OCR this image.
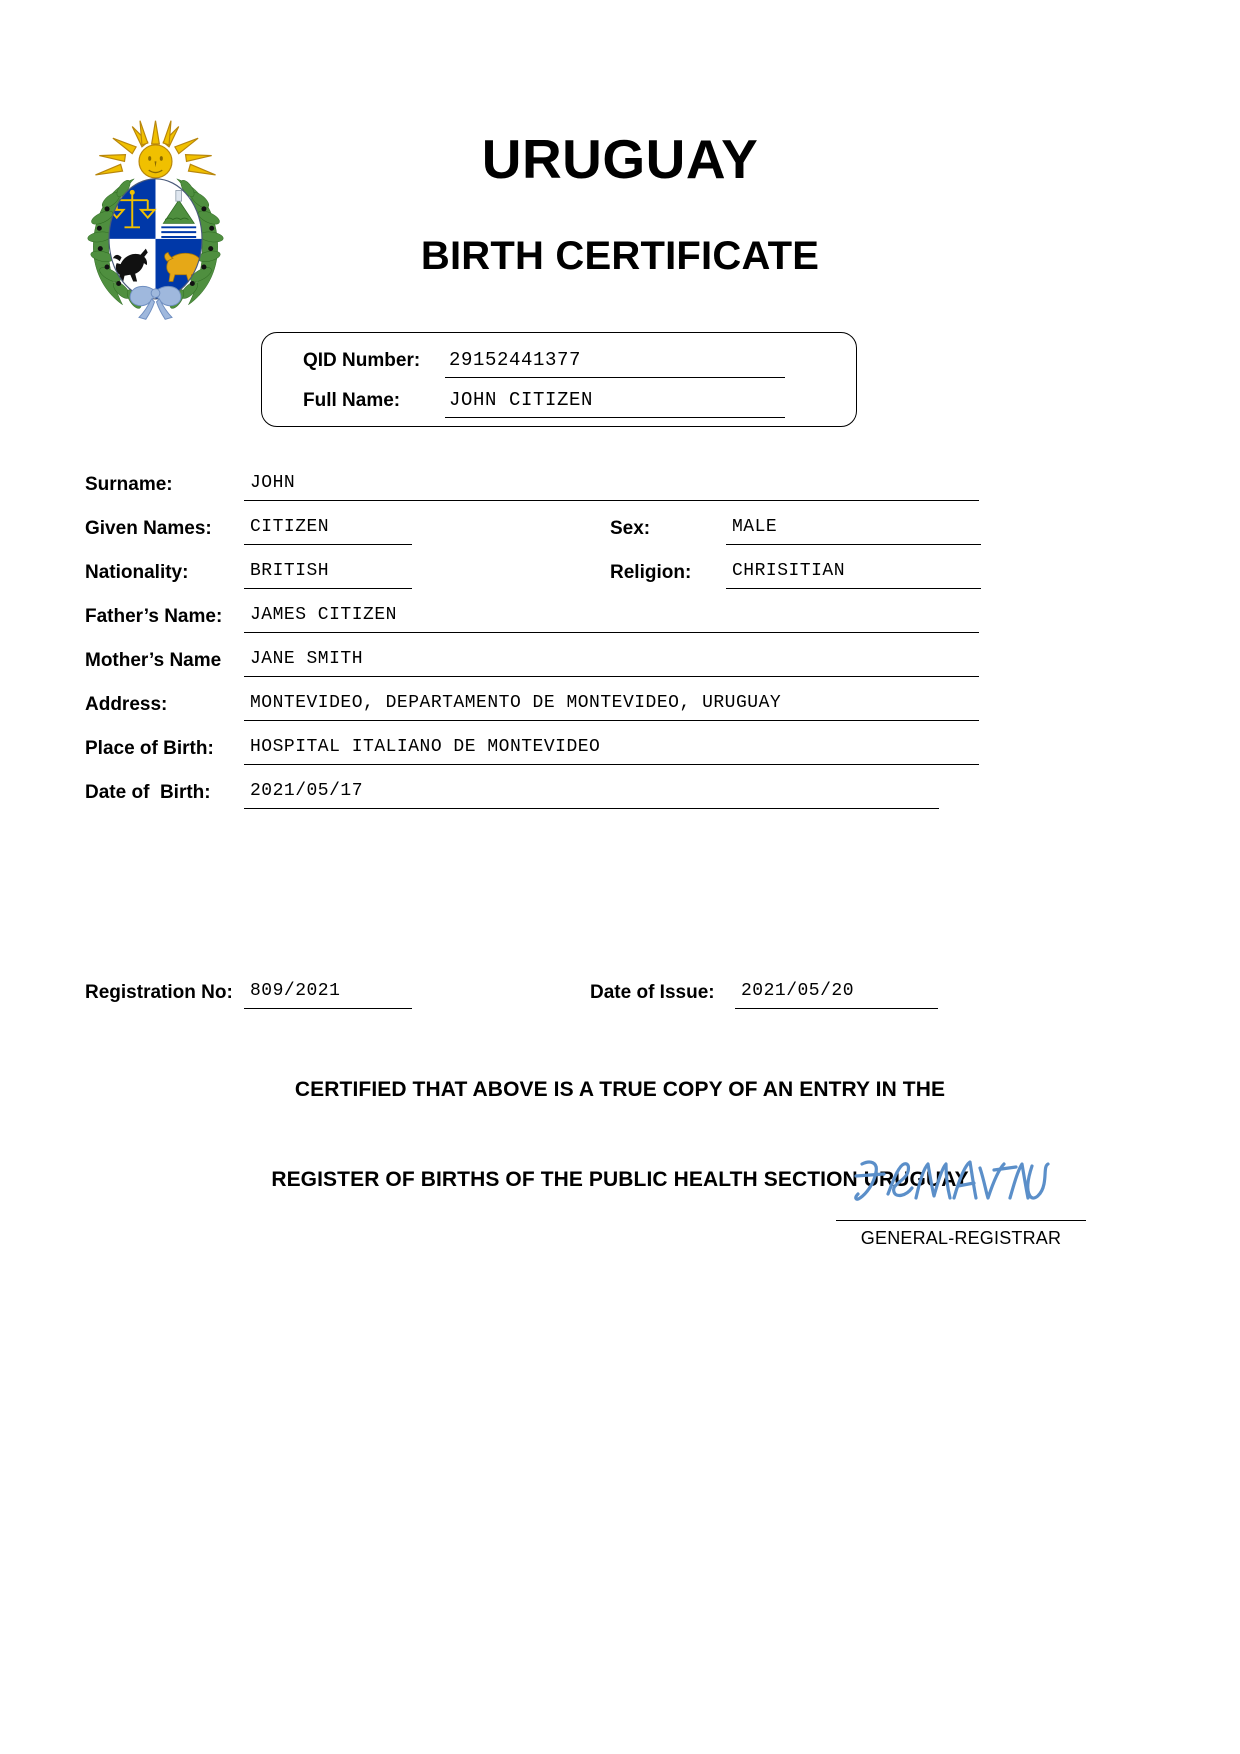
URUGUAY
BIRTH CERTIFICATE
QID Number: 29152441377
Full Name:	JOHN CITIZEN
Surname:	JOHN
Given Names:	CITIZEN	Sex:	MALE
Nationality:	BRITISH	Religion:	CHRISITIAN
Father’s Name:	JAMES CITIZEN
Mother’s Name	JANE SMITH
Address:	MONTEVIDEO, DEPARTAMENTO DE MONTEVIDEO, URUGUAY
Place of Birth:	HOSPITAL ITALIANO DE MONTEVIDEO
Date of  Birth:	2021/05/17
Registration No: 809/2021	Date of Issue:	2021/05/20
CERTIFIED THAT ABOVE IS A TRUE COPY OF AN ENTRY IN THE
REGISTER OF BIRTHS OF THE PUBLIC HEALTH SECTION URUGUAY
GENERAL-REGISTRAR
